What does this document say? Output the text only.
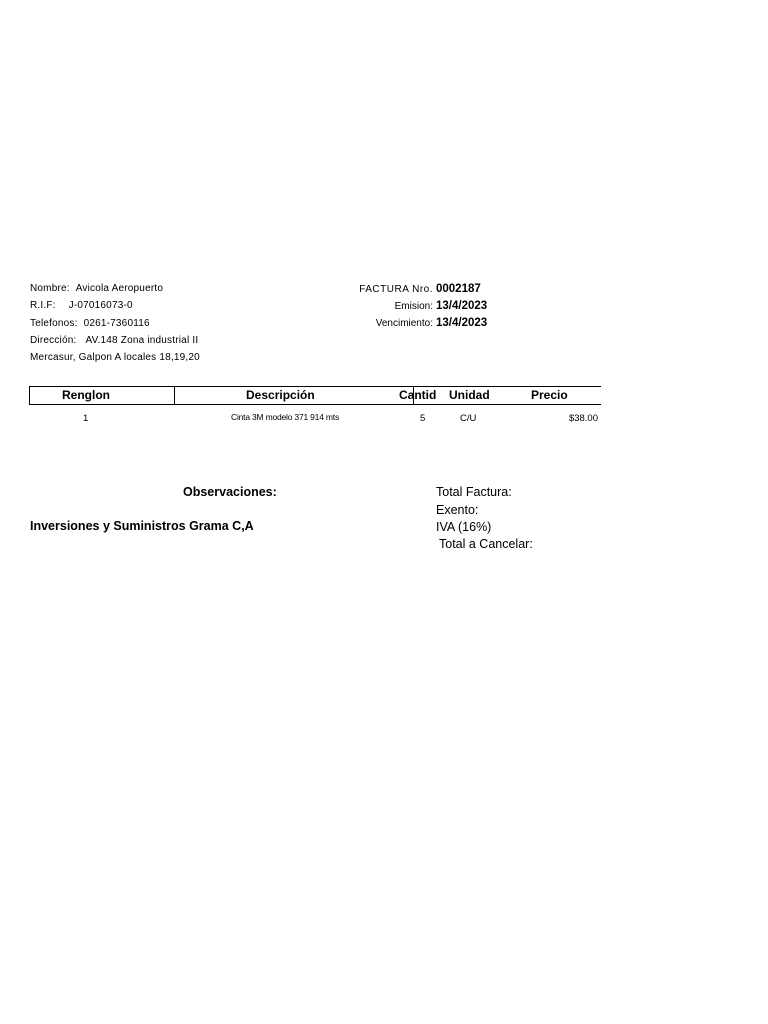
Nombre: Avicola Aeropuerto
R.I.F: J-07016073-0
Telefonos: 0261-7360116
Dirección: AV.148 Zona industrial II
Mercasur, Galpon A locales 18,19,20
FACTURA Nro. 0002187
Emision: 13/4/2023
Vencimiento: 13/4/2023
Renglon	Descripción	Cantid Unidad	Precio
1	Cinta 3M modelo 371 914 mts	5	C/U	$38.00
Observaciones:
Inversiones y Suministros Grama C,A
Total Factura:
Exento:
IVA (16%)
Total a Cancelar:
